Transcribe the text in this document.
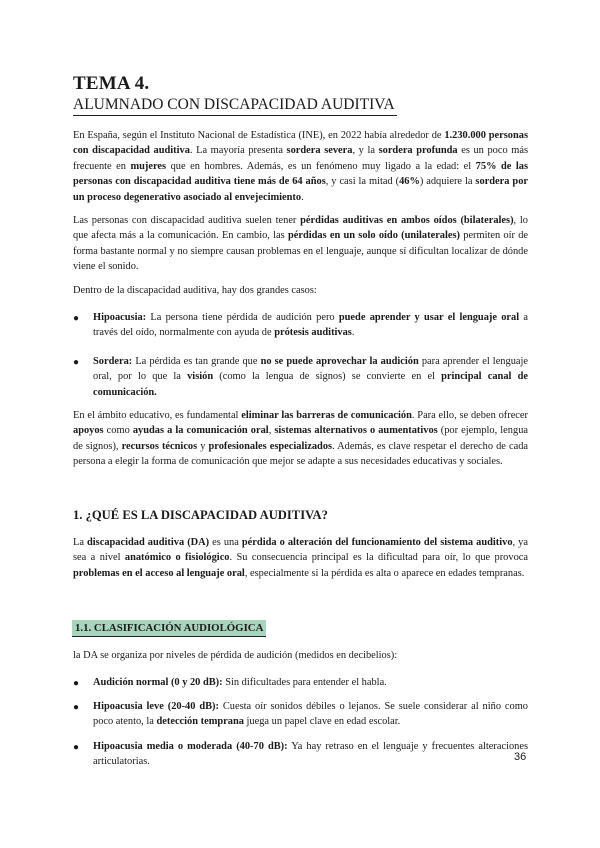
TEMA 4.
ALUMNADO CON DISCAPACIDAD AUDITIVA
En España, según el Instituto Nacional de Estadística (INE), en 2022 había alrededor de 1.230.000 personas con discapacidad auditiva. La mayoría presenta sordera severa, y la sordera profunda es un poco más frecuente en mujeres que en hombres. Además, es un fenómeno muy ligado a la edad: el 75% de las personas con discapacidad auditiva tiene más de 64 años, y casi la mitad (46%) adquiere la sordera por un proceso degenerativo asociado al envejecimiento.
Las personas con discapacidad auditiva suelen tener pérdidas auditivas en ambos oídos (bilaterales), lo que afecta más a la comunicación. En cambio, las pérdidas en un solo oído (unilaterales) permiten oír de forma bastante normal y no siempre causan problemas en el lenguaje, aunque sí dificultan localizar de dónde viene el sonido.
Dentro de la discapacidad auditiva, hay dos grandes casos:
● Hipoacusia: La persona tiene pérdida de audición pero puede aprender y usar el lenguaje oral a través del oído, normalmente con ayuda de prótesis auditivas.
● Sordera: La pérdida es tan grande que no se puede aprovechar la audición para aprender el lenguaje oral, por lo que la visión (como la lengua de signos) se convierte en el principal canal de comunicación.
En el ámbito educativo, es fundamental eliminar las barreras de comunicación. Para ello, se deben ofrecer apoyos como ayudas a la comunicación oral, sistemas alternativos o aumentativos (por ejemplo, lengua de signos), recursos técnicos y profesionales especializados. Además, es clave respetar el derecho de cada persona a elegir la forma de comunicación que mejor se adapte a sus necesidades educativas y sociales.
1. ¿QUÉ ES LA DISCAPACIDAD AUDITIVA?
La discapacidad auditiva (DA) es una pérdida o alteración del funcionamiento del sistema auditivo, ya sea a nivel anatómico o fisiológico. Su consecuencia principal es la dificultad para oír, lo que provoca problemas en el acceso al lenguaje oral, especialmente si la pérdida es alta o aparece en edades tempranas.
1.1. CLASIFICACIÓN AUDIOLÓGICA
la DA se organiza por niveles de pérdida de audición (medidos en decibelios):
● Audición normal (0 y 20 dB): Sin dificultades para entender el habla.
● Hipoacusia leve (20-40 dB): Cuesta oír sonidos débiles o lejanos. Se suele considerar al niño como poco atento, la detección temprana juega un papel clave en edad escolar.
● Hipoacusia media o moderada (40-70 dB): Ya hay retraso en el lenguaje y frecuentes alteraciones articulatorias.	36
